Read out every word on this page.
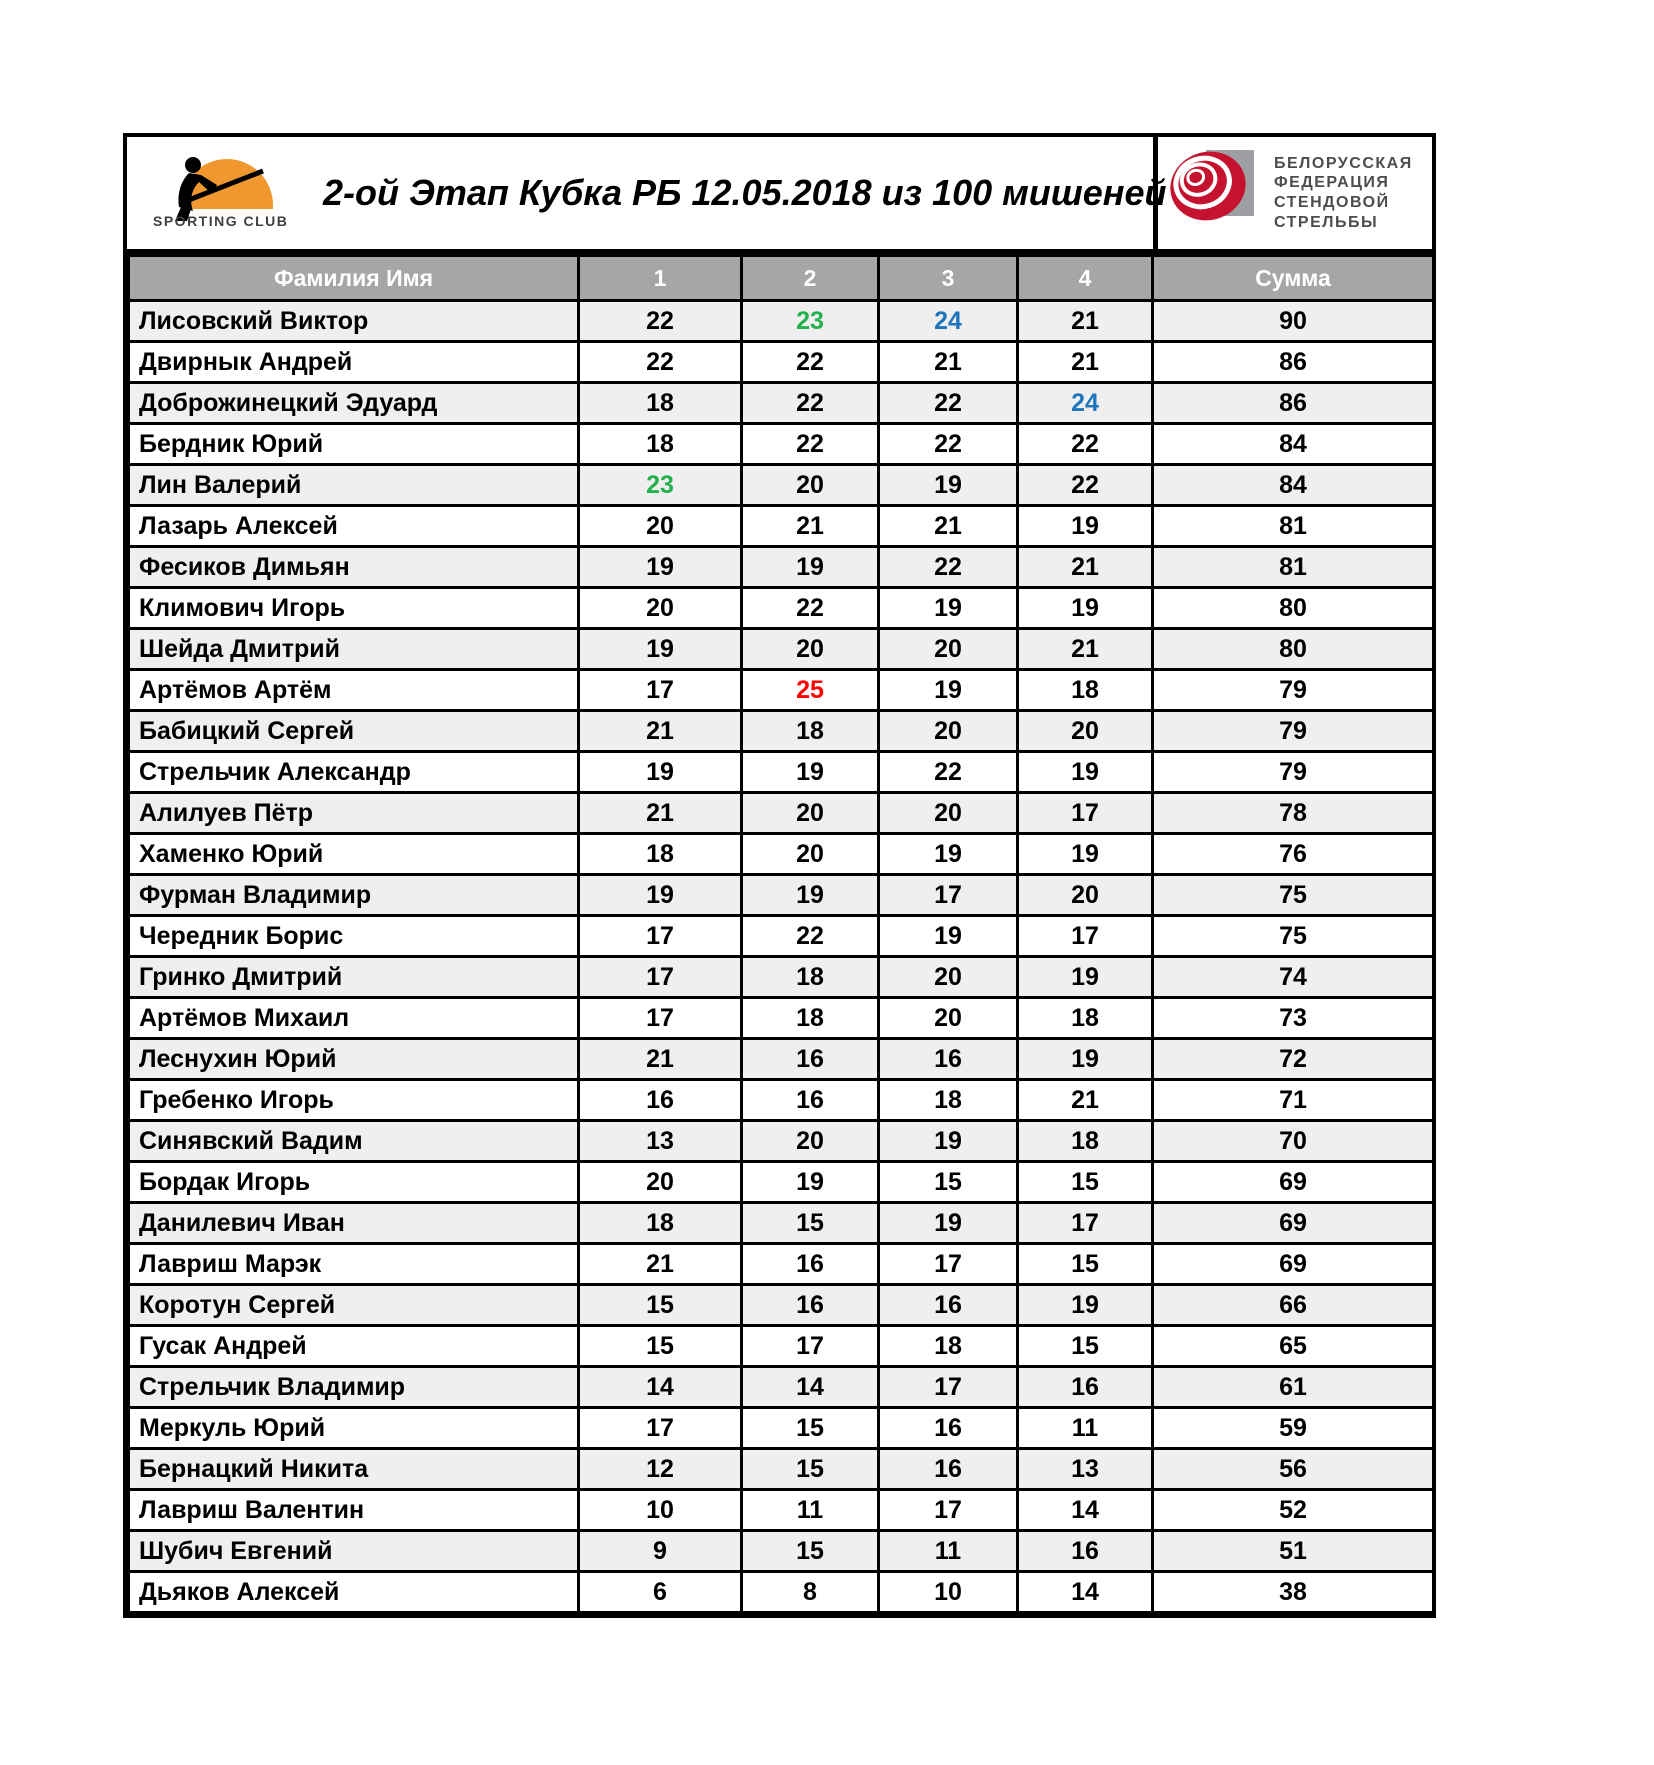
SPORTING CLUB
2-ой Этап Кубка РБ 12.05.2018 из 100 мишеней
БЕЛОРУССКАЯ
ФЕДЕРАЦИЯ
СТЕНДОВОЙ
СТРЕЛЬБЫ
Фамилия Имя	1	2	3	4	Сумма
Лисовский Виктор	22	23	24	21	90
Двирнык Андрей	22	22	21	21	86
Доброжинецкий Эдуард	18	22	22	24	86
Бердник Юрий	18	22	22	22	84
Лин Валерий	23	20	19	22	84
Лазарь Алексей	20	21	21	19	81
Фесиков Димьян	19	19	22	21	81
Климович Игорь	20	22	19	19	80
Шейда Дмитрий	19	20	20	21	80
Артёмов Артём	17	25	19	18	79
Бабицкий Сергей	21	18	20	20	79
Стрельчик Александр	19	19	22	19	79
Алилуев Пётр	21	20	20	17	78
Хаменко Юрий	18	20	19	19	76
Фурман Владимир	19	19	17	20	75
Чередник Борис	17	22	19	17	75
Гринко Дмитрий	17	18	20	19	74
Артёмов Михаил	17	18	20	18	73
Леснухин Юрий	21	16	16	19	72
Гребенко Игорь	16	16	18	21	71
Синявский Вадим	13	20	19	18	70
Бордак Игорь	20	19	15	15	69
Данилевич Иван	18	15	19	17	69
Лавриш Марэк	21	16	17	15	69
Коротун Сергей	15	16	16	19	66
Гусак Андрей	15	17	18	15	65
Стрельчик Владимир	14	14	17	16	61
Меркуль Юрий	17	15	16	11	59
Бернацкий Никита	12	15	16	13	56
Лавриш Валентин	10	11	17	14	52
Шубич Евгений	9	15	11	16	51
Дьяков Алексей	6	8	10	14	38
